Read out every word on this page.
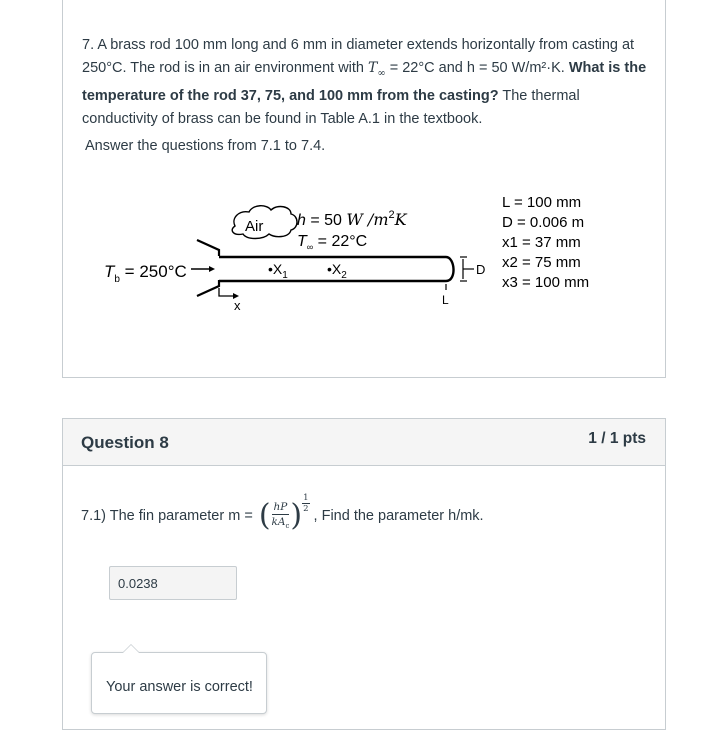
7. A brass rod 100 mm long and 6 mm in diameter extends horizontally from casting at 250°C. The rod is in an air environment with $T_\infty = 22^\circ C$ and h = 50 W/m²·K. What is the temperature of the rod 37, 75, and 100 mm from the casting? The thermal conductivity of brass can be found in Table A.1 in the textbook.
Answer the questions from 7.1 to 7.4.
Air h = 50 W $/m^2K$
$T_\infty = 22^\circ C$
$T_b = 250^\circ C$	$•X_1$	$•X_2$
x	L
D
L = 100 mm
D = 0.006 m
x1 = 37 mm
x2 = 75 mm
x3 = 100 mm
Question 8	1 / 1 pts
7.1) The fin parameter m = ( $\frac{hP}{kA_c}$ ) 1
2 , Find the parameter h/mk.
0.0238
Your answer is correct!
